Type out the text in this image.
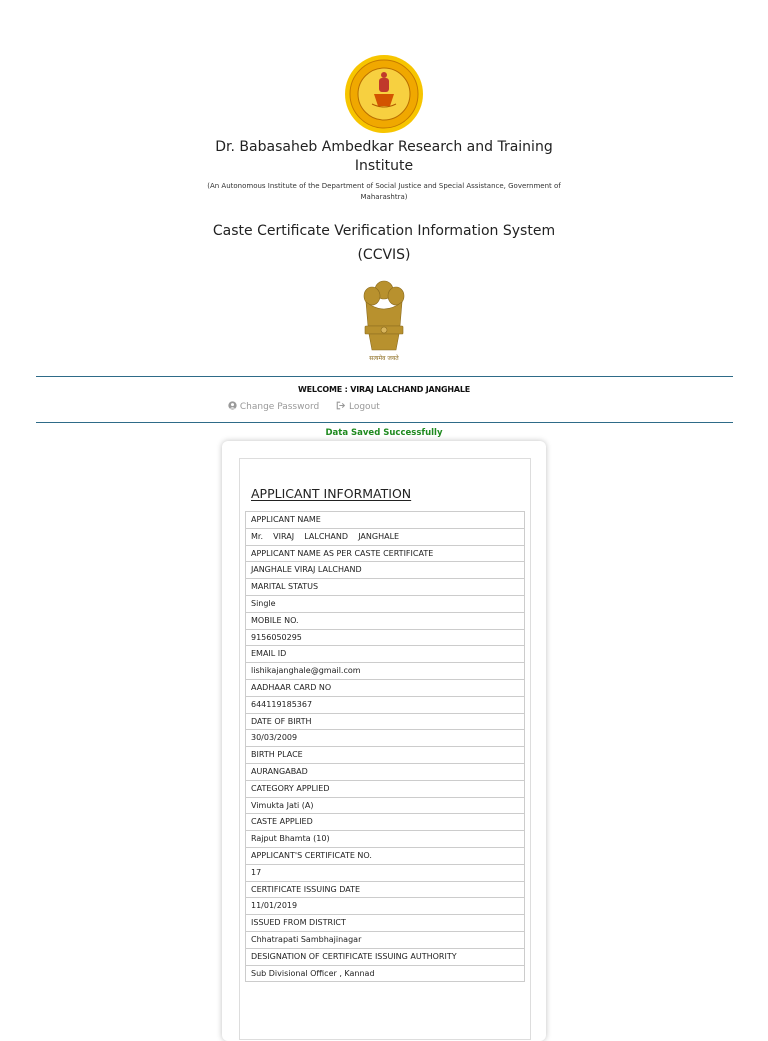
Dr. Babasaheb Ambedkar Research and Training Institute
(An Autonomous Institute of the Department of Social Justice and Special Assistance, Government of Maharashtra)
Caste Certificate Verification Information System (CCVIS)
सत्यमेव जयते
WELCOME : VIRAJ LALCHAND JANGHALE
Change Password	Logout
Data Saved Successfully
APPLICANT INFORMATION
APPLICANT NAME
Mr.    VIRAJ    LALCHAND    JANGHALE
APPLICANT NAME AS PER CASTE CERTIFICATE
JANGHALE VIRAJ LALCHAND
MARITAL STATUS
Single
MOBILE NO.
9156050295
EMAIL ID
lishikajanghale@gmail.com
AADHAAR CARD NO
644119185367
DATE OF BIRTH
30/03/2009
BIRTH PLACE
AURANGABAD
CATEGORY APPLIED
Vimukta Jati (A)
CASTE APPLIED
Rajput Bhamta (10)
APPLICANT'S CERTIFICATE NO.
17
CERTIFICATE ISSUING DATE
11/01/2019
ISSUED FROM DISTRICT
Chhatrapati Sambhajinagar
DESIGNATION OF CERTIFICATE ISSUING AUTHORITY
Sub Divisional Officer , Kannad
